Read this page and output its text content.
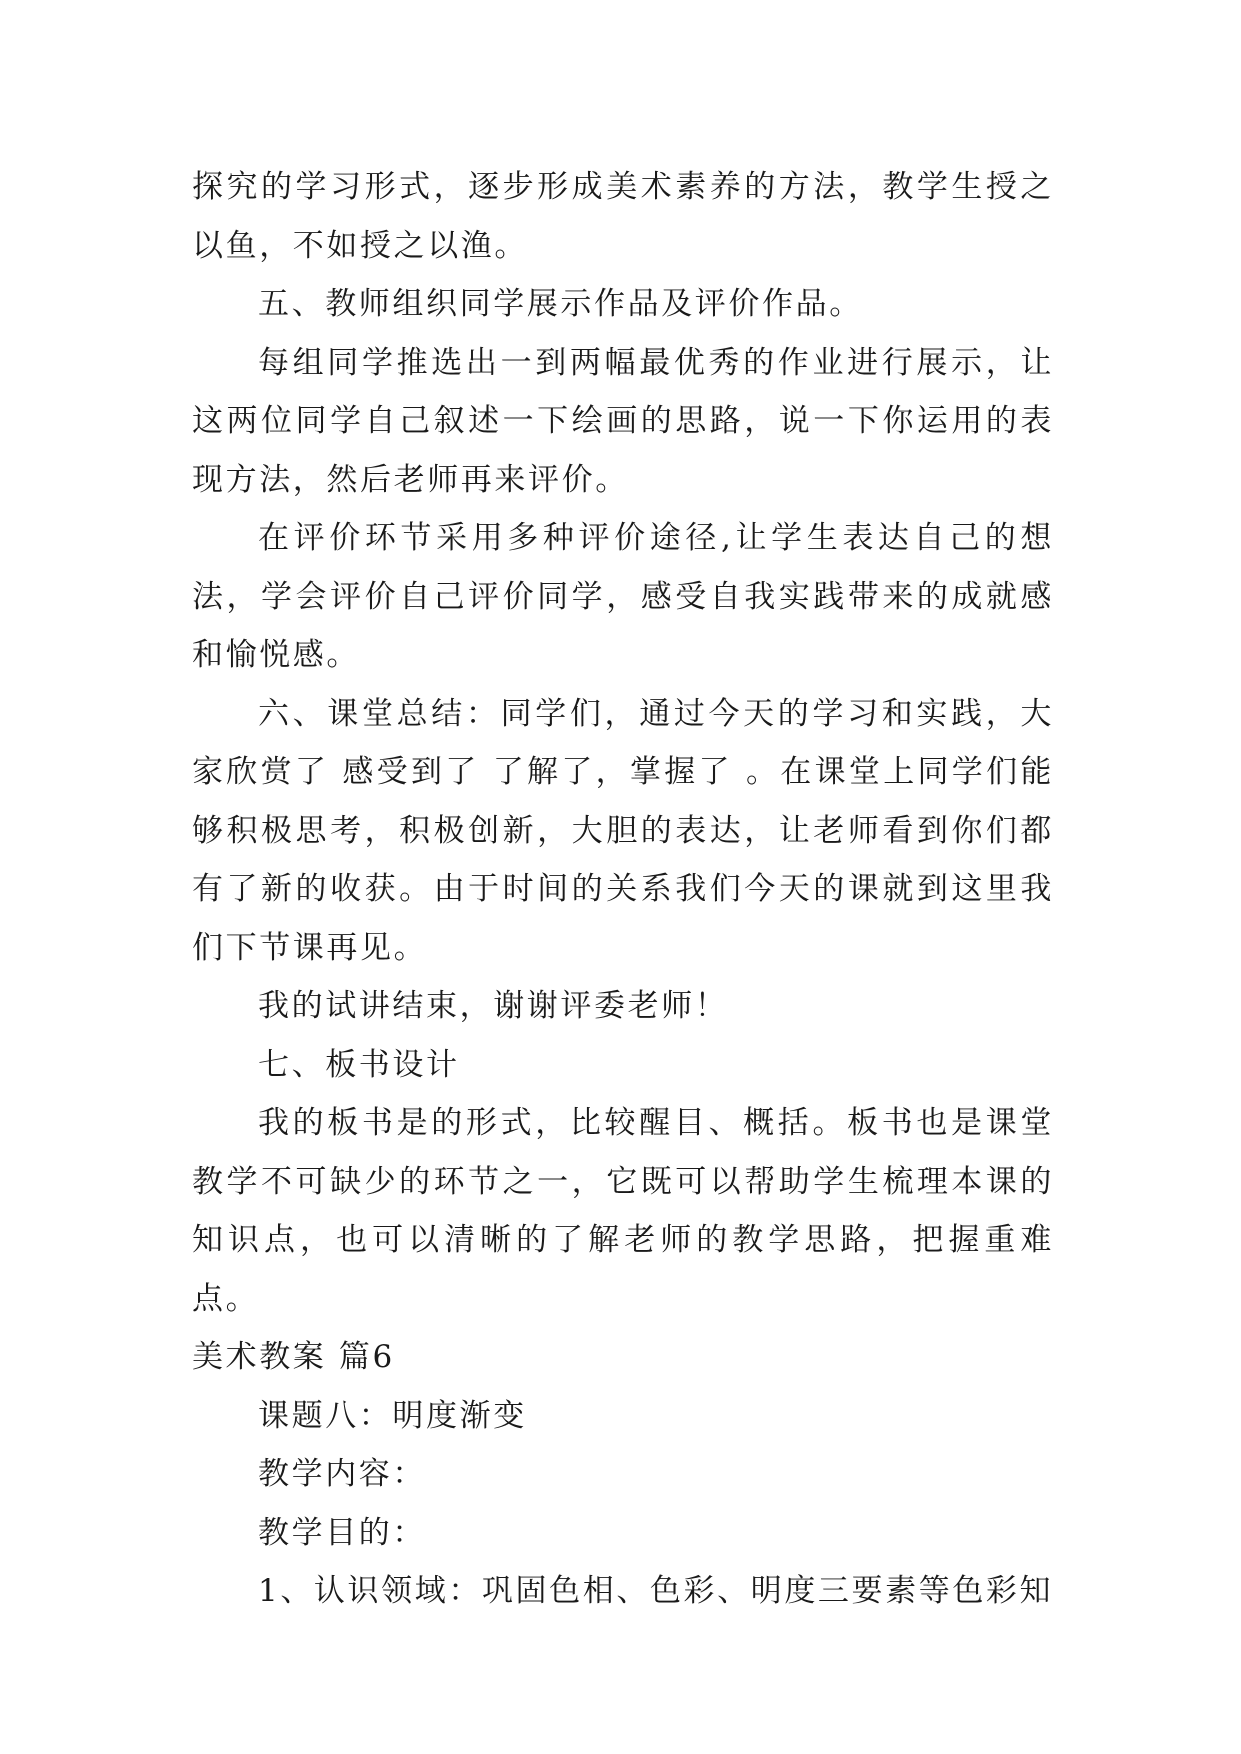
探究的学习形式，逐步形成美术素养的方法，教学生授之以鱼，不如授之以渔。

五、教师组织同学展示作品及评价作品。

每组同学推选出一到两幅最优秀的作业进行展示，让这两位同学自己叙述一下绘画的思路，说一下你运用的表现方法，然后老师再来评价。

在评价环节采用多种评价途径,让学生表达自己的想法，学会评价自己评价同学，感受自我实践带来的成就感和愉悦感。

六、课堂总结：同学们，通过今天的学习和实践，大家欣赏了 感受到了 了解了，掌握了 。在课堂上同学们能够积极思考，积极创新，大胆的表达，让老师看到你们都有了新的收获。由于时间的关系我们今天的课就到这里我们下节课再见。

我的试讲结束，谢谢评委老师！

七、板书设计

我的板书是的形式，比较醒目、概括。板书也是课堂教学不可缺少的环节之一，它既可以帮助学生梳理本课的知识点，也可以清晰的了解老师的教学思路，把握重难点。

美术教案 篇6

课题八：明度渐变

教学内容：

教学目的：

1、认识领域：巩固色相、色彩、明度三要素等色彩知
